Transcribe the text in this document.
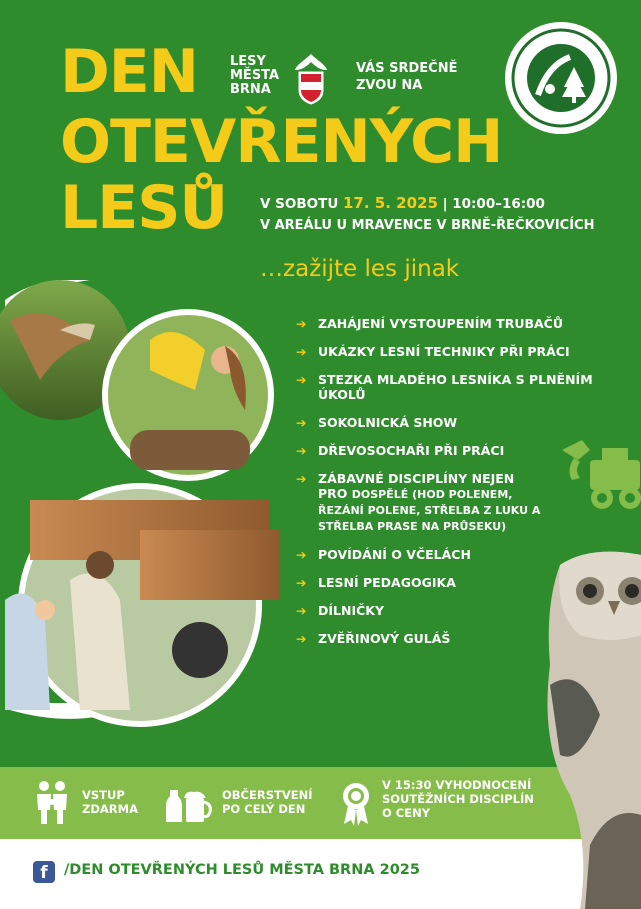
DEN
OTEVŘENÝCH
LESŮ
LESY
MĚSTA
BRNA
VÁS SRDEČNĚ
ZVOU NA
V SOBOTU 17. 5. 2025 | 10:00–16:00
V AREÁLU U MRAVENCE V BRNĚ-ŘEČKOVICÍCH
…zažijte les jinak
➔ ZAHÁJENÍ VYSTOUPENÍM TRUBAČŮ
➔ UKÁZKY LESNÍ TECHNIKY PŘI PRÁCI
➔ STEZKA MLADÉHO LESNÍKA S PLNĚNÍM ÚKOLŮ
➔ SOKOLNICKÁ SHOW
➔ DŘEVOSOCHAŘI PŘI PRÁCI
➔ ZÁBAVNÉ DISCIPLÍNY NEJEN PRO DOSPĚLÉ (HOD POLENEM, ŘEZÁNÍ POLENE, STŘELBA Z LUKU A STŘELBA PRASE NA PRŮSEKU)
➔ POVÍDÁNÍ O VČELÁCH
➔ LESNÍ PEDAGOGIKA
➔ DÍLNIČKY
➔ ZVĚŘINOVÝ GULÁŠ
VSTUP
ZDARMA
OBČERSTVENÍ
PO CELÝ DEN
V 15:30 VYHODNOCENÍ
SOUTĚŽNÍCH DISCIPLÍN
O CENY
f	/DEN OTEVŘENÝCH LESŮ MĚSTA BRNA 2025
